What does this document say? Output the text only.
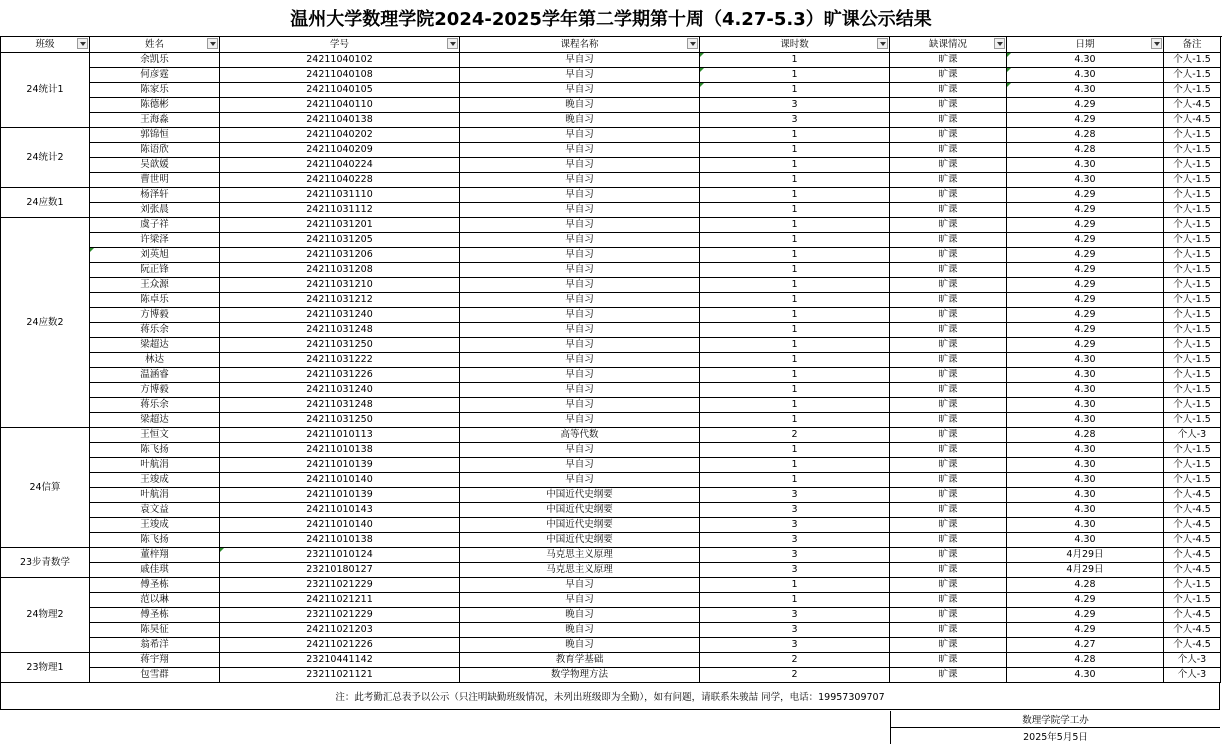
温州大学数理学院2024-2025学年第二学期第十周（4.27-5.3）旷课公示结果
班级	姓名	学号	课程名称	课时数	缺课情况	日期	备注
24统计1	余凯乐	24211040102	早自习	1	旷课	4.30	个人-1.5
	何彦霆	24211040108	早自习	1	旷课	4.30	个人-1.5
	陈家乐	24211040105	早自习	1	旷课	4.30	个人-1.5
	陈德彬	24211040110	晚自习	3	旷课	4.29	个人-4.5
	王海淼	24211040138	晚自习	3	旷课	4.29	个人-4.5
24统计2	郭锦恒	24211040202	早自习	1	旷课	4.28	个人-1.5
	陈语欣	24211040209	早自习	1	旷课	4.28	个人-1.5
	吴歆媛	24211040224	早自习	1	旷课	4.30	个人-1.5
	曹世明	24211040228	早自习	1	旷课	4.30	个人-1.5
24应数1	杨泽轩	24211031110	早自习	1	旷课	4.29	个人-1.5
	刘张晨	24211031112	早自习	1	旷课	4.29	个人-1.5
24应数2	虞子祥	24211031201	早自习	1	旷课	4.29	个人-1.5
	许梁泽	24211031205	早自习	1	旷课	4.29	个人-1.5
	刘英旭	24211031206	早自习	1	旷课	4.29	个人-1.5
	阮正锋	24211031208	早自习	1	旷课	4.29	个人-1.5
	王众源	24211031210	早自习	1	旷课	4.29	个人-1.5
	陈卓乐	24211031212	早自习	1	旷课	4.29	个人-1.5
	方博毅	24211031240	早自习	1	旷课	4.29	个人-1.5
	蒋乐余	24211031248	早自习	1	旷课	4.29	个人-1.5
	梁超达	24211031250	早自习	1	旷课	4.29	个人-1.5
	林达	24211031222	早自习	1	旷课	4.30	个人-1.5
	温涵睿	24211031226	早自习	1	旷课	4.30	个人-1.5
	方博毅	24211031240	早自习	1	旷课	4.30	个人-1.5
	蒋乐余	24211031248	早自习	1	旷课	4.30	个人-1.5
	梁超达	24211031250	早自习	1	旷课	4.30	个人-1.5
24信算	王恒文	24211010113	高等代数	2	旷课	4.28	个人-3
	陈飞扬	24211010138	早自习	1	旷课	4.30	个人-1.5
	叶航涓	24211010139	早自习	1	旷课	4.30	个人-1.5
	王竣成	24211010140	早自习	1	旷课	4.30	个人-1.5
	叶航涓	24211010139	中国近代史纲要	3	旷课	4.30	个人-4.5
	袁文益	24211010143	中国近代史纲要	3	旷课	4.30	个人-4.5
	王竣成	24211010140	中国近代史纲要	3	旷课	4.30	个人-4.5
	陈飞扬	24211010138	中国近代史纲要	3	旷课	4.30	个人-4.5
23步青数学	董梓翔	23211010124	马克思主义原理	3	旷课	4月29日	个人-4.5
	戚佳琪	23210180127	马克思主义原理	3	旷课	4月29日	个人-4.5
24物理2	傅圣栋	23211021229	早自习	1	旷课	4.28	个人-1.5
	范以琳	24211021211	早自习	1	旷课	4.29	个人-1.5
	傅圣栋	23211021229	晚自习	3	旷课	4.29	个人-4.5
	陈昊征	24211021203	晚自习	3	旷课	4.29	个人-4.5
	翁希洋	24211021226	晚自习	3	旷课	4.27	个人-4.5
23物理1	蒋宇翔	23210441142	教育学基础	2	旷课	4.28	个人-3
	包雪群	23211021121	数学物理方法	2	旷课	4.30	个人-3
注：此考勤汇总表予以公示（只注明缺勤班级情况，未列出班级即为全勤），如有问题，请联系朱骏喆 同学，电话：19957309707
数理学院学工办
2025年5月5日
